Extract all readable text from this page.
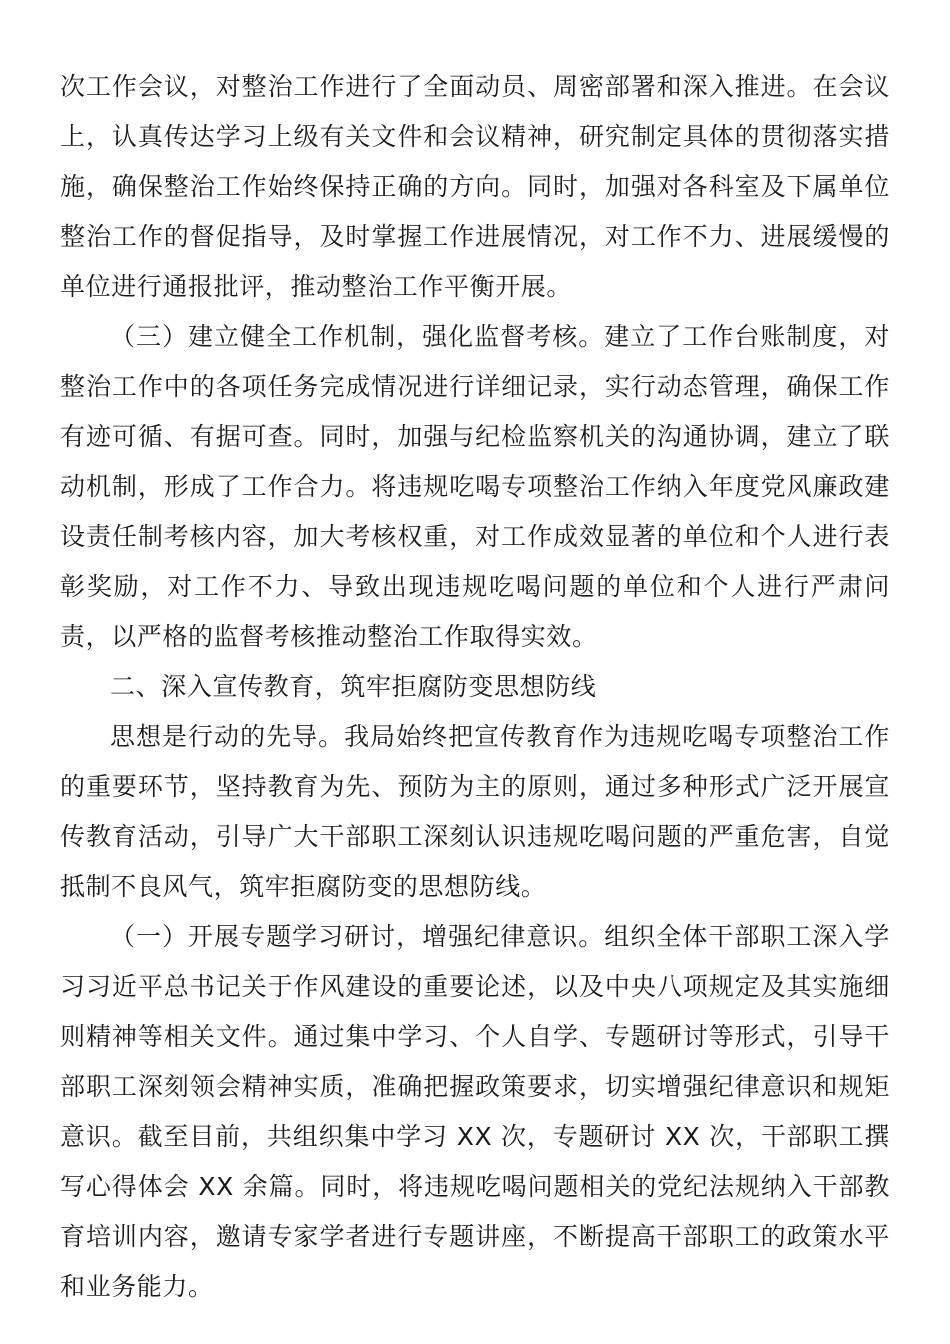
次工作会议，对整治工作进行了全面动员、周密部署和深入推进。在会议上，认真传达学习上级有关文件和会议精神，研究制定具体的贯彻落实措施，确保整治工作始终保持正确的方向。同时，加强对各科室及下属单位整治工作的督促指导，及时掌握工作进展情况，对工作不力、进展缓慢的单位进行通报批评，推动整治工作平衡开展。

（三）建立健全工作机制，强化监督考核。建立了工作台账制度，对整治工作中的各项任务完成情况进行详细记录，实行动态管理，确保工作有迹可循、有据可查。同时，加强与纪检监察机关的沟通协调，建立了联动机制，形成了工作合力。将违规吃喝专项整治工作纳入年度党风廉政建设责任制考核内容，加大考核权重，对工作成效显著的单位和个人进行表彰奖励，对工作不力、导致出现违规吃喝问题的单位和个人进行严肃问责，以严格的监督考核推动整治工作取得实效。

二、深入宣传教育，筑牢拒腐防变思想防线

思想是行动的先导。我局始终把宣传教育作为违规吃喝专项整治工作的重要环节，坚持教育为先、预防为主的原则，通过多种形式广泛开展宣传教育活动，引导广大干部职工深刻认识违规吃喝问题的严重危害，自觉抵制不良风气，筑牢拒腐防变的思想防线。

（一）开展专题学习研讨，增强纪律意识。组织全体干部职工深入学习习近平总书记关于作风建设的重要论述，以及中央八项规定及其实施细则精神等相关文件。通过集中学习、个人自学、专题研讨等形式，引导干部职工深刻领会精神实质，准确把握政策要求，切实增强纪律意识和规矩意识。截至目前，共组织集中学习 XX 次，专题研讨 XX 次，干部职工撰写心得体会 XX 余篇。同时，将违规吃喝问题相关的党纪法规纳入干部教育培训内容，邀请专家学者进行专题讲座，不断提高干部职工的政策水平和业务能力。
